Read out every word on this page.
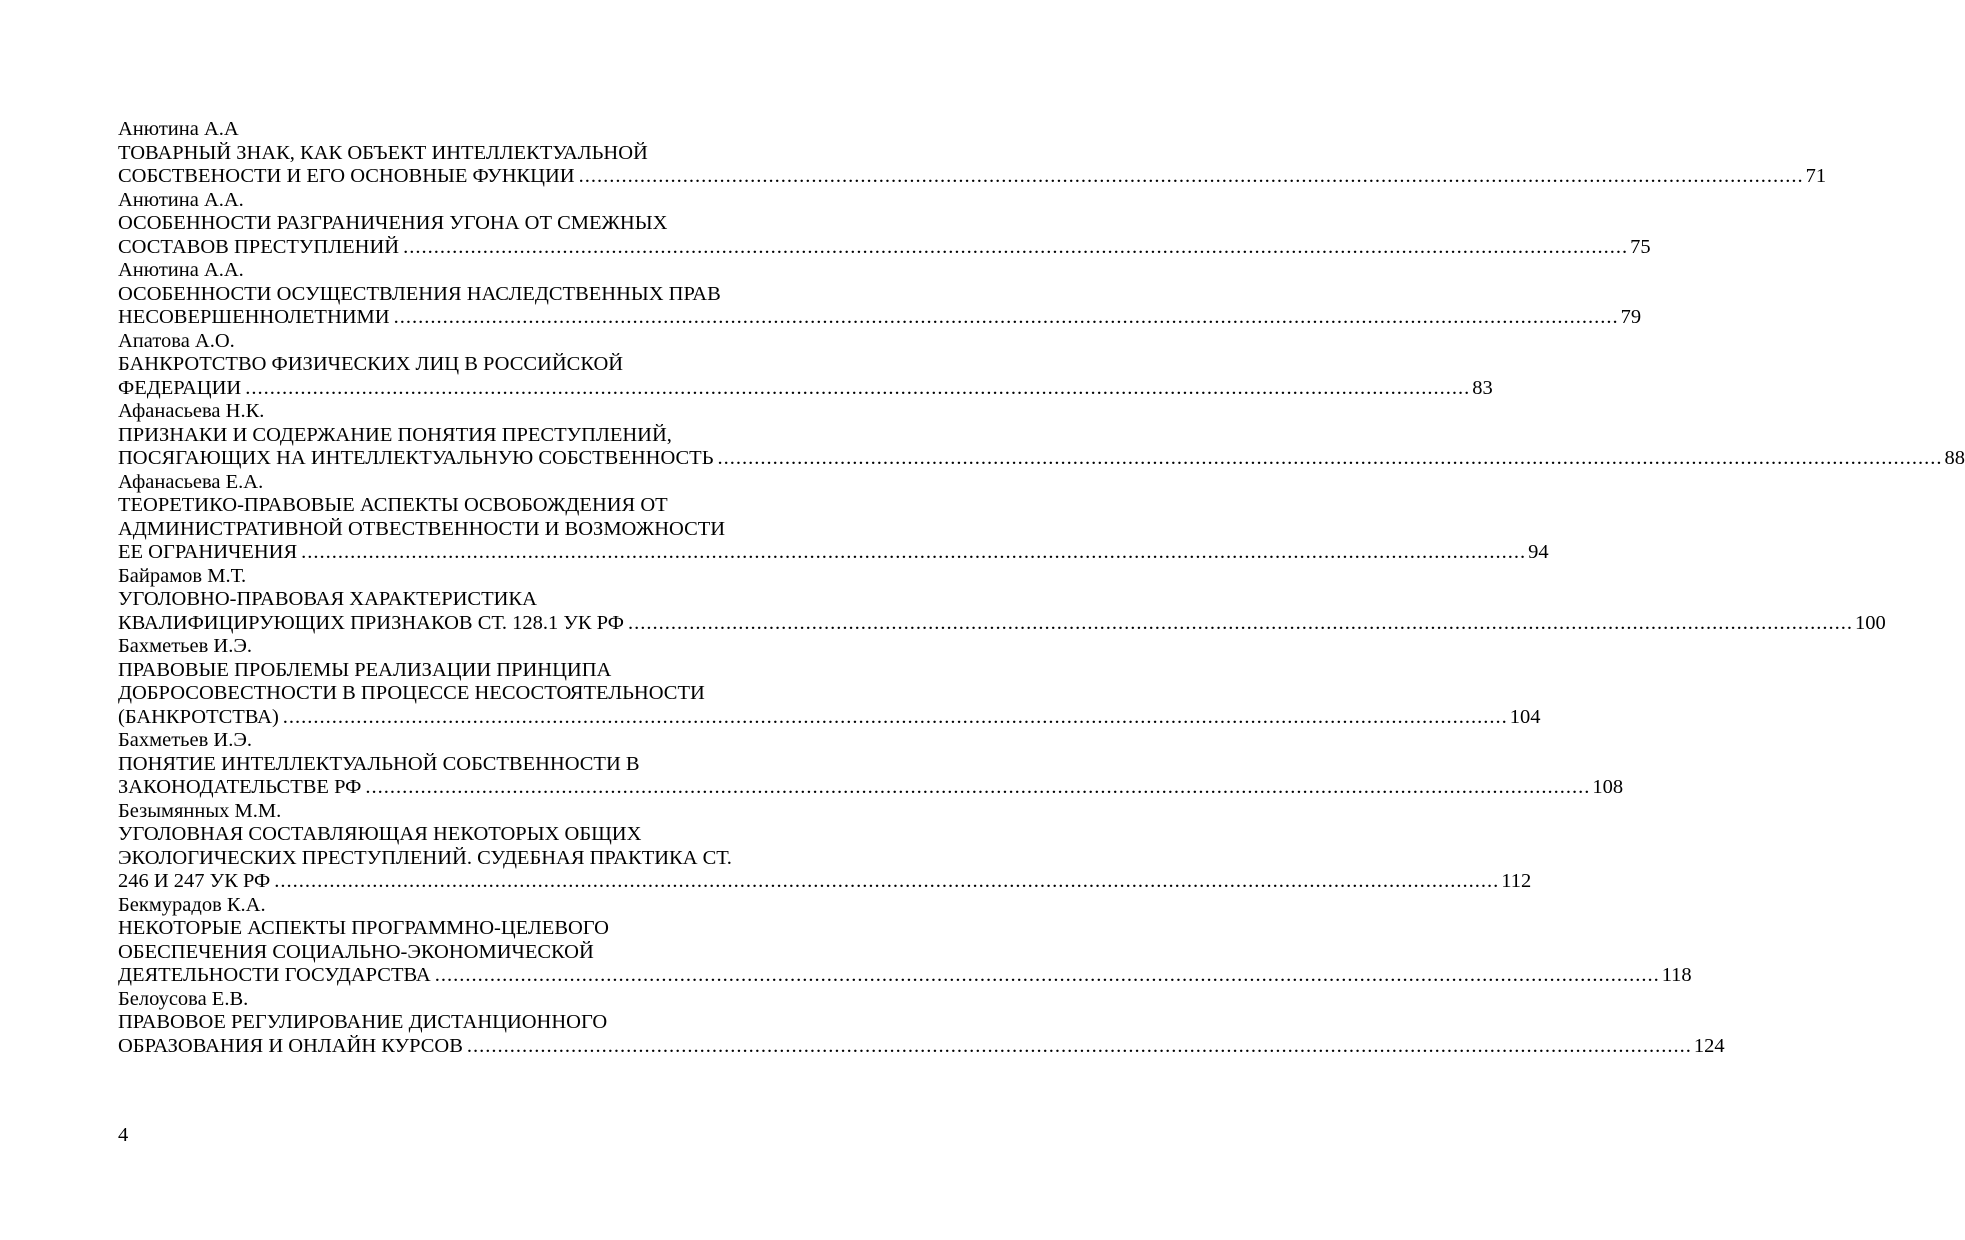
Анютина А.А
ТОВАРНЫЙ ЗНАК, КАК ОБЪЕКТ ИНТЕЛЛЕКТУАЛЬНОЙ
СОБСТВЕНОСТИ И ЕГО ОСНОВНЫЕ ФУНКЦИИ ........................................................................................................................................................................................................ 71
Анютина А.А.
ОСОБЕННОСТИ РАЗГРАНИЧЕНИЯ УГОНА ОТ СМЕЖНЫХ
СОСТАВОВ ПРЕСТУПЛЕНИЙ ........................................................................................................................................................................................................ 75
Анютина А.А.
ОСОБЕННОСТИ ОСУЩЕСТВЛЕНИЯ НАСЛЕДСТВЕННЫХ ПРАВ
НЕСОВЕРШЕННОЛЕТНИМИ ........................................................................................................................................................................................................ 79
Апатова А.О.
БАНКРОТСТВО ФИЗИЧЕСКИХ ЛИЦ В РОССИЙСКОЙ
ФЕДЕРАЦИИ ........................................................................................................................................................................................................ 83
Афанасьева Н.К.
ПРИЗНАКИ И СОДЕРЖАНИЕ ПОНЯТИЯ ПРЕСТУПЛЕНИЙ,
ПОСЯГАЮЩИХ НА ИНТЕЛЛЕКТУАЛЬНУЮ СОБСТВЕННОСТЬ ........................................................................................................................................................................................................ 88
Афанасьева Е.А.
ТЕОРЕТИКО-ПРАВОВЫЕ АСПЕКТЫ ОСВОБОЖДЕНИЯ ОТ
АДМИНИСТРАТИВНОЙ ОТВЕСТВЕННОСТИ И ВОЗМОЖНОСТИ
ЕЕ ОГРАНИЧЕНИЯ ........................................................................................................................................................................................................ 94
Байрамов М.Т.
УГОЛОВНО-ПРАВОВАЯ ХАРАКТЕРИСТИКА
КВАЛИФИЦИРУЮЩИХ ПРИЗНАКОВ СТ. 128.1 УК РФ ........................................................................................................................................................................................................ 100
Бахметьев И.Э.
ПРАВОВЫЕ ПРОБЛЕМЫ РЕАЛИЗАЦИИ ПРИНЦИПА
ДОБРОСОВЕСТНОСТИ В ПРОЦЕССЕ НЕСОСТОЯТЕЛЬНОСТИ
(БАНКРОТСТВА) ........................................................................................................................................................................................................ 104
Бахметьев И.Э.
ПОНЯТИЕ ИНТЕЛЛЕКТУАЛЬНОЙ СОБСТВЕННОСТИ В
ЗАКОНОДАТЕЛЬСТВЕ РФ ........................................................................................................................................................................................................ 108
Безымянных М.М.
УГОЛОВНАЯ СОСТАВЛЯЮЩАЯ НЕКОТОРЫХ ОБЩИХ
ЭКОЛОГИЧЕСКИХ ПРЕСТУПЛЕНИЙ. СУДЕБНАЯ ПРАКТИКА СТ.
246 И 247 УК РФ ........................................................................................................................................................................................................ 112
Бекмурадов К.А.
НЕКОТОРЫЕ АСПЕКТЫ ПРОГРАММНО-ЦЕЛЕВОГО
ОБЕСПЕЧЕНИЯ СОЦИАЛЬНО-ЭКОНОМИЧЕСКОЙ
ДЕЯТЕЛЬНОСТИ ГОСУДАРСТВА ........................................................................................................................................................................................................ 118
Белоусова Е.В.
ПРАВОВОЕ РЕГУЛИРОВАНИЕ ДИСТАНЦИОННОГО
ОБРАЗОВАНИЯ И ОНЛАЙН КУРСОВ ........................................................................................................................................................................................................ 124
4
